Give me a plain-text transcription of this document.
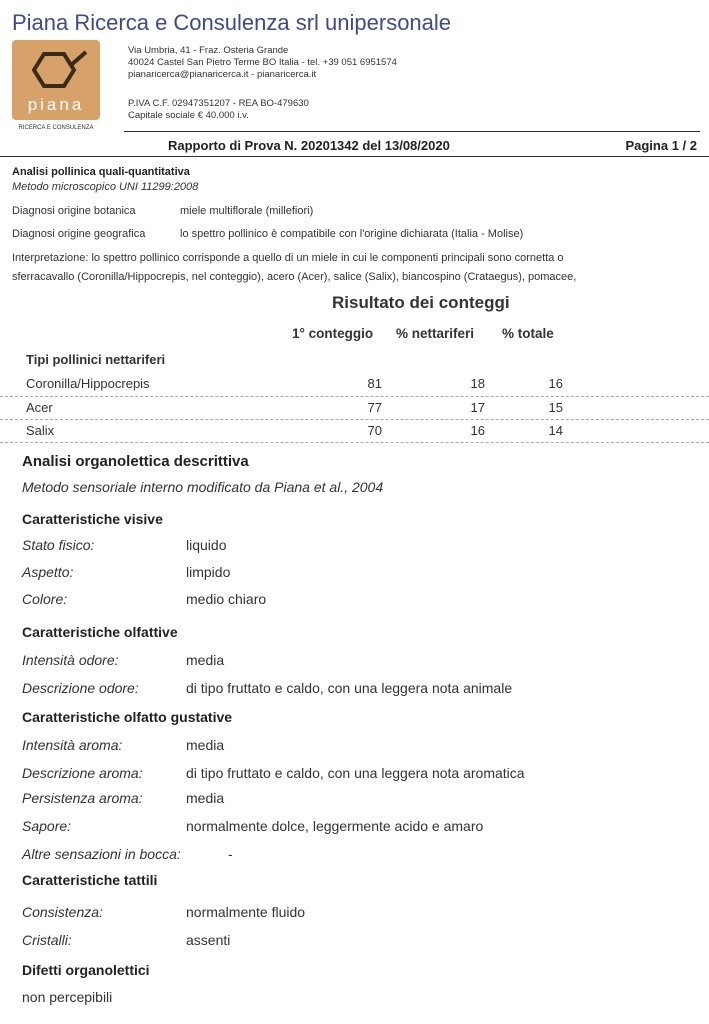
Piana Ricerca e Consulenza srl unipersonale
piana
RICERCA E CONSULENZA
Via Umbria, 41 - Fraz. Osteria Grande
40024 Castel San Pietro Terme BO Italia - tel. +39 051 6951574
pianaricerca@pianaricerca.it - pianaricerca.it
P.IVA C.F. 02947351207 - REA BO-479630
Capitale sociale € 40.000 i.v.
Rapporto di Prova N. 20201342 del 13/08/2020	Pagina 1 / 2
Analisi pollinica quali-quantitativa
Metodo microscopico UNI 11299:2008
Diagnosi origine botanica	miele multiflorale (millefiori)
Diagnosi origine geografica	lo spettro pollinico è compatibile con l'origine dichiarata (Italia - Molise)
Interpretazione: lo spettro pollinico corrisponde a quello di un miele in cui le componenti principali sono cornetta o
sferracavallo (Coronilla/Hippocrepis, nel conteggio), acero (Acer), salice (Salix), biancospino (Crataegus), pomacee,
Risultato dei conteggi
1° conteggio % nettariferi % totale
Tipi pollinici nettariferi
Coronilla/Hippocrepis	81	18	16
Acer	77	17	15
Salix	70	16	14
Analisi organolettica descrittiva
Metodo sensoriale interno modificato da Piana et al., 2004
Caratteristiche visive
Stato fisico:	liquido
Aspetto:	limpido
Colore:	medio chiaro
Caratteristiche olfattive
Intensità odore:	media
Descrizione odore:	di tipo fruttato e caldo, con una leggera nota animale
Caratteristiche olfatto gustative
Intensità aroma:	media
Descrizione aroma:	di tipo fruttato e caldo, con una leggera nota aromatica
Persistenza aroma:	media
Sapore:	normalmente dolce, leggermente acido e amaro
Altre sensazioni in bocca:	-
Caratteristiche tattili
Consistenza:	normalmente fluido
Cristalli:	assenti
Difetti organolettici
non percepibili
